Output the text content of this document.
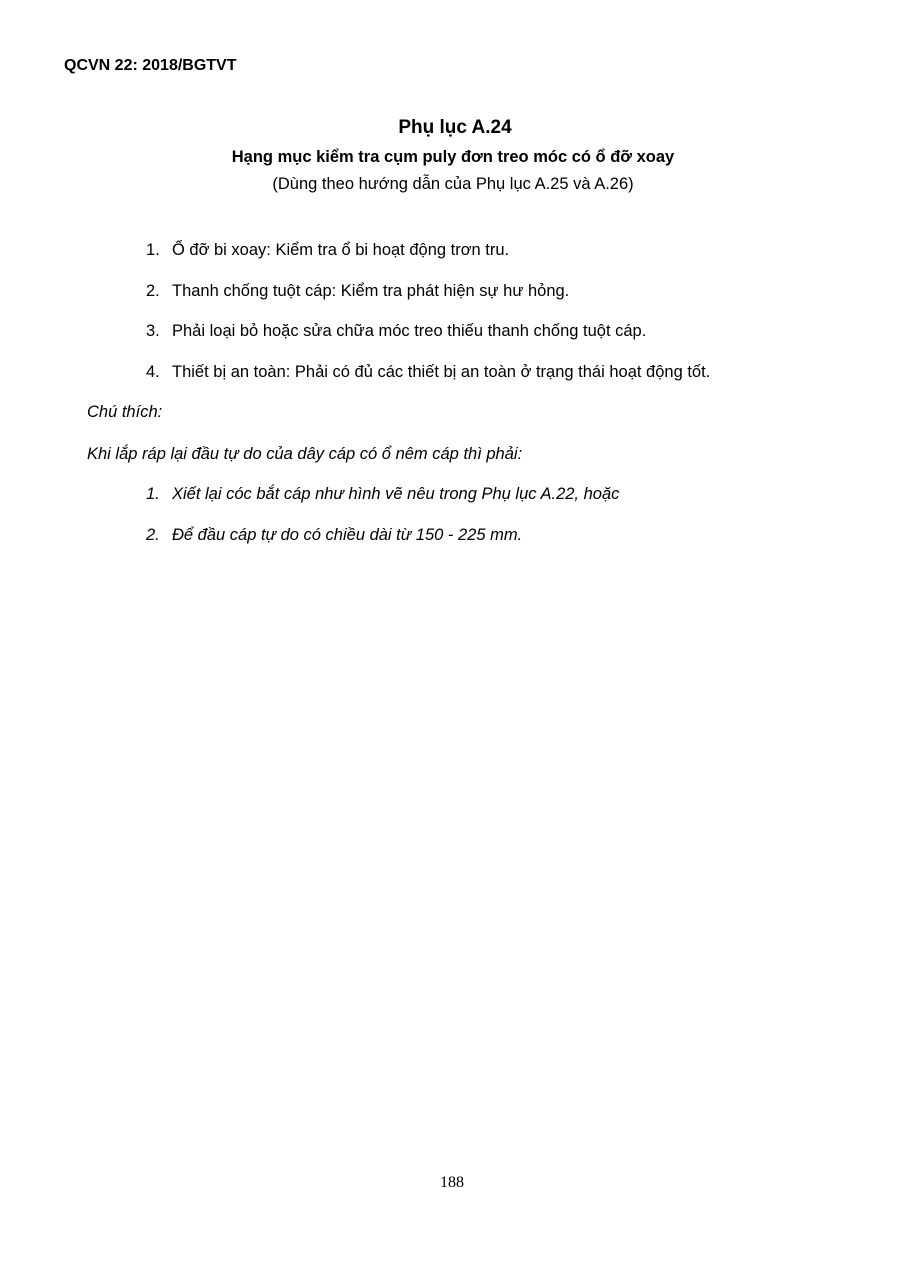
QCVN 22: 2018/BGTVT
Phụ lục A.24
Hạng mục kiểm tra cụm puly đơn treo móc có ổ đỡ xoay
(Dùng theo hướng dẫn của Phụ lục A.25 và A.26)
1. Ổ đỡ bi xoay: Kiểm tra ổ bi hoạt động trơn tru.
2. Thanh chống tuột cáp: Kiểm tra phát hiện sự hư hỏng.
3. Phải loại bỏ hoặc sửa chữa móc treo thiếu thanh chống tuột cáp.
4. Thiết bị an toàn: Phải có đủ các thiết bị an toàn ở trạng thái hoạt động tốt.
Chú thích:
Khi lắp ráp lại đầu tự do của dây cáp có ổ nêm cáp thì phải:
1. Xiết lại cóc bắt cáp như hình vẽ nêu trong Phụ lục A.22, hoặc
2. Để đầu cáp tự do có chiều dài từ 150 - 225 mm.
188
